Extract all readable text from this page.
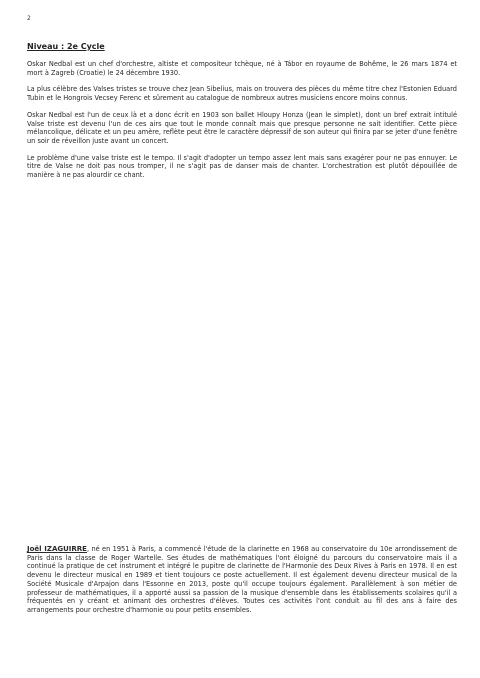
2
Niveau : 2e Cycle

Oskar Nedbal est un chef d'orchestre, altiste et compositeur tchèque, né à Tábor en royaume de Bohême, le 26 mars 1874 et mort à Zagreb (Croatie) le 24 décembre 1930.

La plus célèbre des Valses tristes se trouve chez Jean Sibelius, mais on trouvera des pièces du même titre chez l'Estonien Eduard Tubin et le Hongrois Vecsey Ferenc et sûrement au catalogue de nombreux autres musiciens encore moins connus.

Oskar Nedbal est l'un de ceux là et a donc écrit en 1903 son ballet Hloupy Honza (Jean le simplet), dont un bref extrait intitulé Valse triste est devenu l'un de ces airs que tout le monde connaît mais que presque personne ne sait identifier. Cette pièce mélancolique, délicate et un peu amère, reflète peut être le caractère dépressif de son auteur qui finira par se jeter d'une fenêtre un soir de réveillon juste avant un concert.

Le problème d'une valse triste est le tempo. Il s'agit d'adopter un tempo assez lent mais sans exagérer pour ne pas ennuyer. Le titre de Valse ne doit pas nous tromper, il ne s'agit pas de danser mais de chanter. L'orchestration est plutôt dépouillée de manière à ne pas alourdir ce chant.

Joël IZAGUIRRE, né en 1951 à Paris, a commencé l'étude de la clarinette en 1968 au conservatoire du 10e arrondissement de Paris dans la classe de Roger Wartelle. Ses études de mathématiques l'ont éloigné du parcours du conservatoire mais il a continué la pratique de cet instrument et intégré le pupitre de clarinette de l'Harmonie des Deux Rives à Paris en 1978. Il en est devenu le directeur musical en 1989 et tient toujours ce poste actuellement. Il est également devenu directeur musical de la Société Musicale d'Arpajon dans l'Essonne en 2013, poste qu'il occupe toujours également. Parallèlement à son métier de professeur de mathématiques, il a apporté aussi sa passion de la musique d'ensemble dans les établissements scolaires qu'il a fréquentés en y créant et animant des orchestres d'élèves. Toutes ces activités l'ont conduit au fil des ans à faire des arrangements pour orchestre d'harmonie ou pour petits ensembles.
